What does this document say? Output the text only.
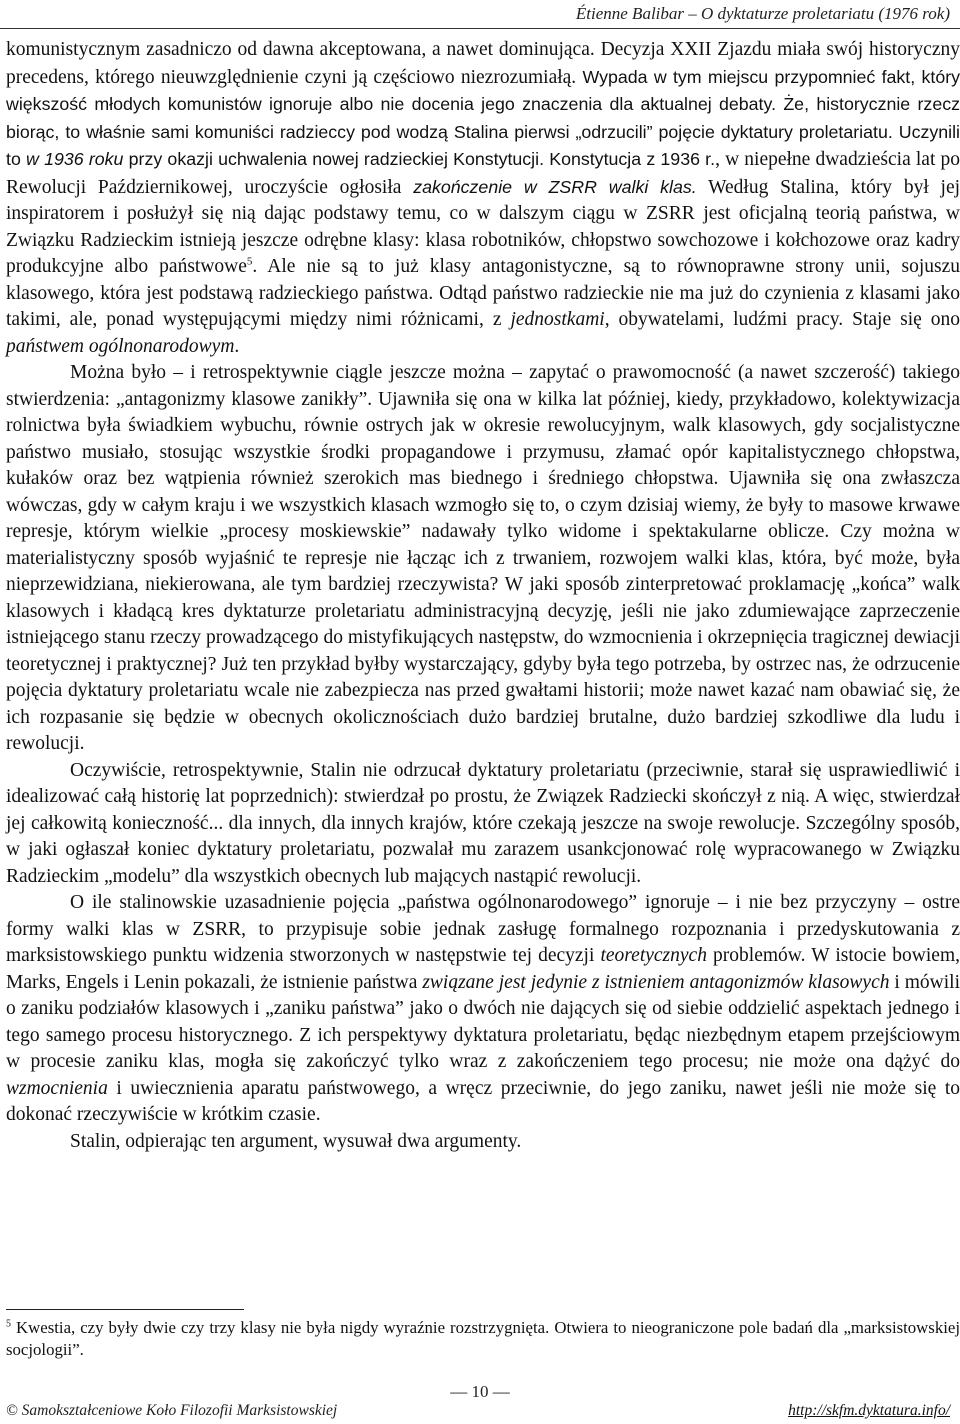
Étienne Balibar – O dyktaturze proletariatu (1976 rok)

komunistycznym zasadniczo od dawna akceptowana, a nawet dominująca. Decyzja XXII Zjazdu miała swój historyczny precedens, którego nieuwzględnienie czyni ją częściowo niezrozumiałą. Wypada w tym miejscu przypomnieć fakt, który większość młodych komunistów ignoruje albo nie docenia jego znaczenia dla aktualnej debaty. Że, historycznie rzecz biorąc, to właśnie sami komuniści radzieccy pod wodzą Stalina pierwsi „odrzucili” pojęcie dyktatury proletariatu. Uczynili to w 1936 roku przy okazji uchwalenia nowej radzieckiej Konstytucji. Konstytucja z 1936 r., w niepełne dwadzieścia lat po Rewolucji Październikowej, uroczyście ogłosiła zakończenie w ZSRR walki klas. Według Stalina, który był jej inspiratorem i posłużył się nią dając podstawy temu, co w dalszym ciągu w ZSRR jest oficjalną teorią państwa, w Związku Radzieckim istnieją jeszcze odrębne klasy: klasa robotników, chłopstwo sowchozowe i kołchozowe oraz kadry produkcyjne albo państwowe$^5$. Ale nie są to już klasy antagonistyczne, są to równoprawne strony unii, sojuszu klasowego, która jest podstawą radzieckiego państwa. Odtąd państwo radzieckie nie ma już do czynienia z klasami jako takimi, ale, ponad występującymi między nimi różnicami, z jednostkami, obywatelami, ludźmi pracy. Staje się ono państwem ogólnonarodowym.

Można było – i retrospektywnie ciągle jeszcze można – zapytać o prawomocność (a nawet szczerość) takiego stwierdzenia: „antagonizmy klasowe zanikły”. Ujawniła się ona w kilka lat później, kiedy, przykładowo, kolektywizacja rolnictwa była świadkiem wybuchu, równie ostrych jak w okresie rewolucyjnym, walk klasowych, gdy socjalistyczne państwo musiało, stosując wszystkie środki propagandowe i przymusu, złamać opór kapitalistycznego chłopstwa, kułaków oraz bez wątpienia również szerokich mas biednego i średniego chłopstwa. Ujawniła się ona zwłaszcza wówczas, gdy w całym kraju i we wszystkich klasach wzmogło się to, o czym dzisiaj wiemy, że były to masowe krwawe represje, którym wielkie „procesy moskiewskie” nadawały tylko widome i spektakularne oblicze. Czy można w materialistyczny sposób wyjaśnić te represje nie łącząc ich z trwaniem, rozwojem walki klas, która, być może, była nieprzewidziana, niekierowana, ale tym bardziej rzeczywista? W jaki sposób zinterpretować proklamację „końca” walk klasowych i kładącą kres dyktaturze proletariatu administracyjną decyzję, jeśli nie jako zdumiewające zaprzeczenie istniejącego stanu rzeczy prowadzącego do mistyfikujących następstw, do wzmocnienia i okrzepnięcia tragicznej dewiacji teoretycznej i praktycznej? Już ten przykład byłby wystarczający, gdyby była tego potrzeba, by ostrzec nas, że odrzucenie pojęcia dyktatury proletariatu wcale nie zabezpiecza nas przed gwałtami historii; może nawet kazać nam obawiać się, że ich rozpasanie się będzie w obecnych okolicznościach dużo bardziej brutalne, dużo bardziej szkodliwe dla ludu i rewolucji.

Oczywiście, retrospektywnie, Stalin nie odrzucał dyktatury proletariatu (przeciwnie, starał się usprawiedliwić i idealizować całą historię lat poprzednich): stwierdzał po prostu, że Związek Radziecki skończył z nią. A więc, stwierdzał jej całkowitą konieczność... dla innych, dla innych krajów, które czekają jeszcze na swoje rewolucje. Szczególny sposób, w jaki ogłaszał koniec dyktatury proletariatu, pozwalał mu zarazem usankcjonować rolę wypracowanego w Związku Radzieckim „modelu” dla wszystkich obecnych lub mających nastąpić rewolucji.

O ile stalinowskie uzasadnienie pojęcia „państwa ogólnonarodowego” ignoruje – i nie bez przyczyny – ostre formy walki klas w ZSRR, to przypisuje sobie jednak zasługę formalnego rozpoznania i przedyskutowania z marksistowskiego punktu widzenia stworzonych w następstwie tej decyzji teoretycznych problemów. W istocie bowiem, Marks, Engels i Lenin pokazali, że istnienie państwa związane jest jedynie z istnieniem antagonizmów klasowych i mówili o zaniku podziałów klasowych i „zaniku państwa” jako o dwóch nie dających się od siebie oddzielić aspektach jednego i tego samego procesu historycznego. Z ich perspektywy dyktatura proletariatu, będąc niezbędnym etapem przejściowym w procesie zaniku klas, mogła się zakończyć tylko wraz z zakończeniem tego procesu; nie może ona dążyć do wzmocnienia i uwiecznienia aparatu państwowego, a wręcz przeciwnie, do jego zaniku, nawet jeśli nie może się to dokonać rzeczywiście w krótkim czasie.

Stalin, odpierając ten argument, wysuwał dwa argumenty.

$^5$ Kwestia, czy były dwie czy trzy klasy nie była nigdy wyraźnie rozstrzygnięta. Otwiera to nieograniczone pole badań dla „marksistowskiej socjologii”.
— 10 —
© Samokształceniowe Koło Filozofii Marksistowskiej	http://skfm.dyktatura.info/
